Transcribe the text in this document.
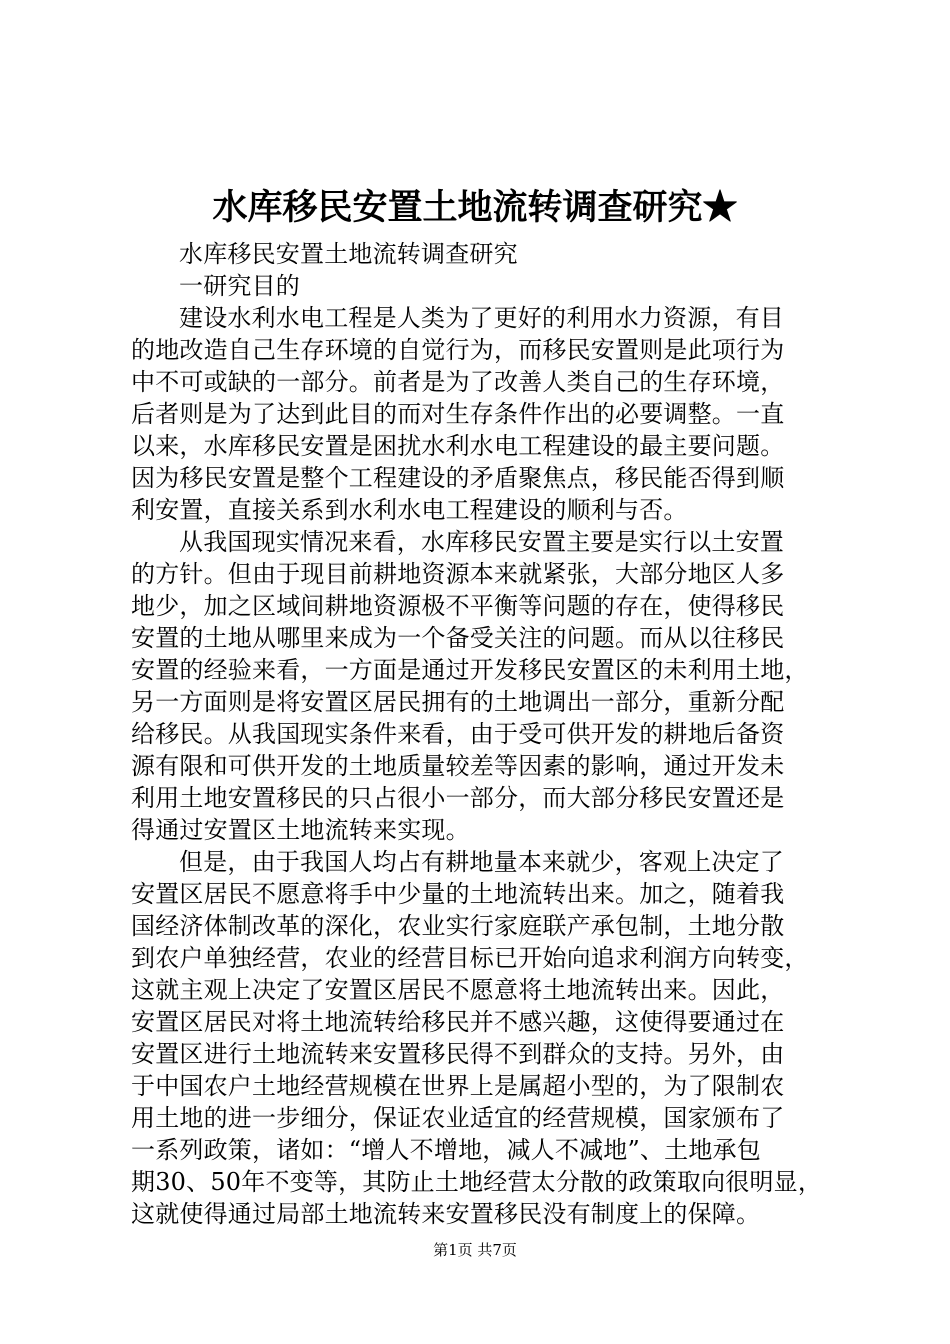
水库移民安置土地流转调查研究★
水库移民安置土地流转调查研究
一研究目的
建设水利水电工程是人类为了更好的利用水力资源，有目
的地改造自己生存环境的自觉行为，而移民安置则是此项行为
中不可或缺的一部分。前者是为了改善人类自己的生存环境，
后者则是为了达到此目的而对生存条件作出的必要调整。一直
以来，水库移民安置是困扰水利水电工程建设的最主要问题。
因为移民安置是整个工程建设的矛盾聚焦点，移民能否得到顺
利安置，直接关系到水利水电工程建设的顺利与否。
从我国现实情况来看，水库移民安置主要是实行以土安置
的方针。但由于现目前耕地资源本来就紧张，大部分地区人多
地少，加之区域间耕地资源极不平衡等问题的存在，使得移民
安置的土地从哪里来成为一个备受关注的问题。而从以往移民
安置的经验来看，一方面是通过开发移民安置区的未利用土地，
另一方面则是将安置区居民拥有的土地调出一部分，重新分配
给移民。从我国现实条件来看，由于受可供开发的耕地后备资
源有限和可供开发的土地质量较差等因素的影响，通过开发未
利用土地安置移民的只占很小一部分，而大部分移民安置还是
得通过安置区土地流转来实现。
但是，由于我国人均占有耕地量本来就少，客观上决定了
安置区居民不愿意将手中少量的土地流转出来。加之，随着我
国经济体制改革的深化，农业实行家庭联产承包制，土地分散
到农户单独经营，农业的经营目标已开始向追求利润方向转变，
这就主观上决定了安置区居民不愿意将土地流转出来。因此，
安置区居民对将土地流转给移民并不感兴趣，这使得要通过在
安置区进行土地流转来安置移民得不到群众的支持。另外，由
于中国农户土地经营规模在世界上是属超小型的，为了限制农
用土地的进一步细分，保证农业适宜的经营规模，国家颁布了
一系列政策，诸如：“增人不增地，减人不减地”、土地承包
期30、50年不变等，其防止土地经营太分散的政策取向很明显，
这就使得通过局部土地流转来安置移民没有制度上的保障。
第1页 共7页
